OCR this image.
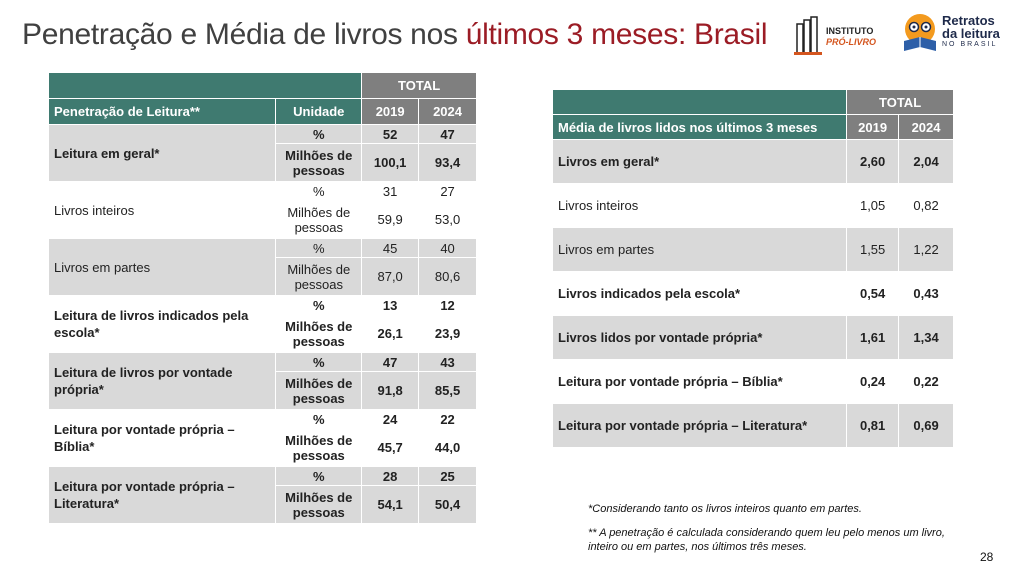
Penetração e Média de livros nos últimos 3 meses: Brasil	INSTITUTO
PRÓ-LIVRO
Retratos
da leitura
NO BRASIL
		TOTAL	
Penetração de Leitura**	Unidade	2019	2024
Leitura em geral*	%	52	47
	Milhões de pessoas	100,1	93,4
Livros inteiros	%	31	27
	Milhões de pessoas	59,9	53,0
Livros em partes	%	45	40
	Milhões de pessoas	87,0	80,6
Leitura de livros indicados pela escola*	%	13	12
	Milhões de pessoas	26,1	23,9
Leitura de livros por vontade própria*	%	47	43
	Milhões de pessoas	91,8	85,5
Leitura por vontade própria – Bíblia*	%	24	22
	Milhões de pessoas	45,7	44,0
Leitura por vontade própria – Literatura*	%	28	25
	Milhões de pessoas	54,1	50,4
	TOTAL	
Média de livros lidos nos últimos 3 meses	2019	2024
Livros em geral*	2,60	2,04
Livros inteiros	1,05	0,82
Livros em partes	1,55	1,22
Livros indicados pela escola*	0,54	0,43
Livros lidos por vontade própria*	1,61	1,34
Leitura por vontade própria – Bíblia*	0,24	0,22
Leitura por vontade própria – Literatura*	0,81	0,69

*Considerando tanto os livros inteiros quanto em partes.

** A penetração é calculada considerando quem leu pelo menos um livro, inteiro ou em partes, nos últimos três meses.

28
